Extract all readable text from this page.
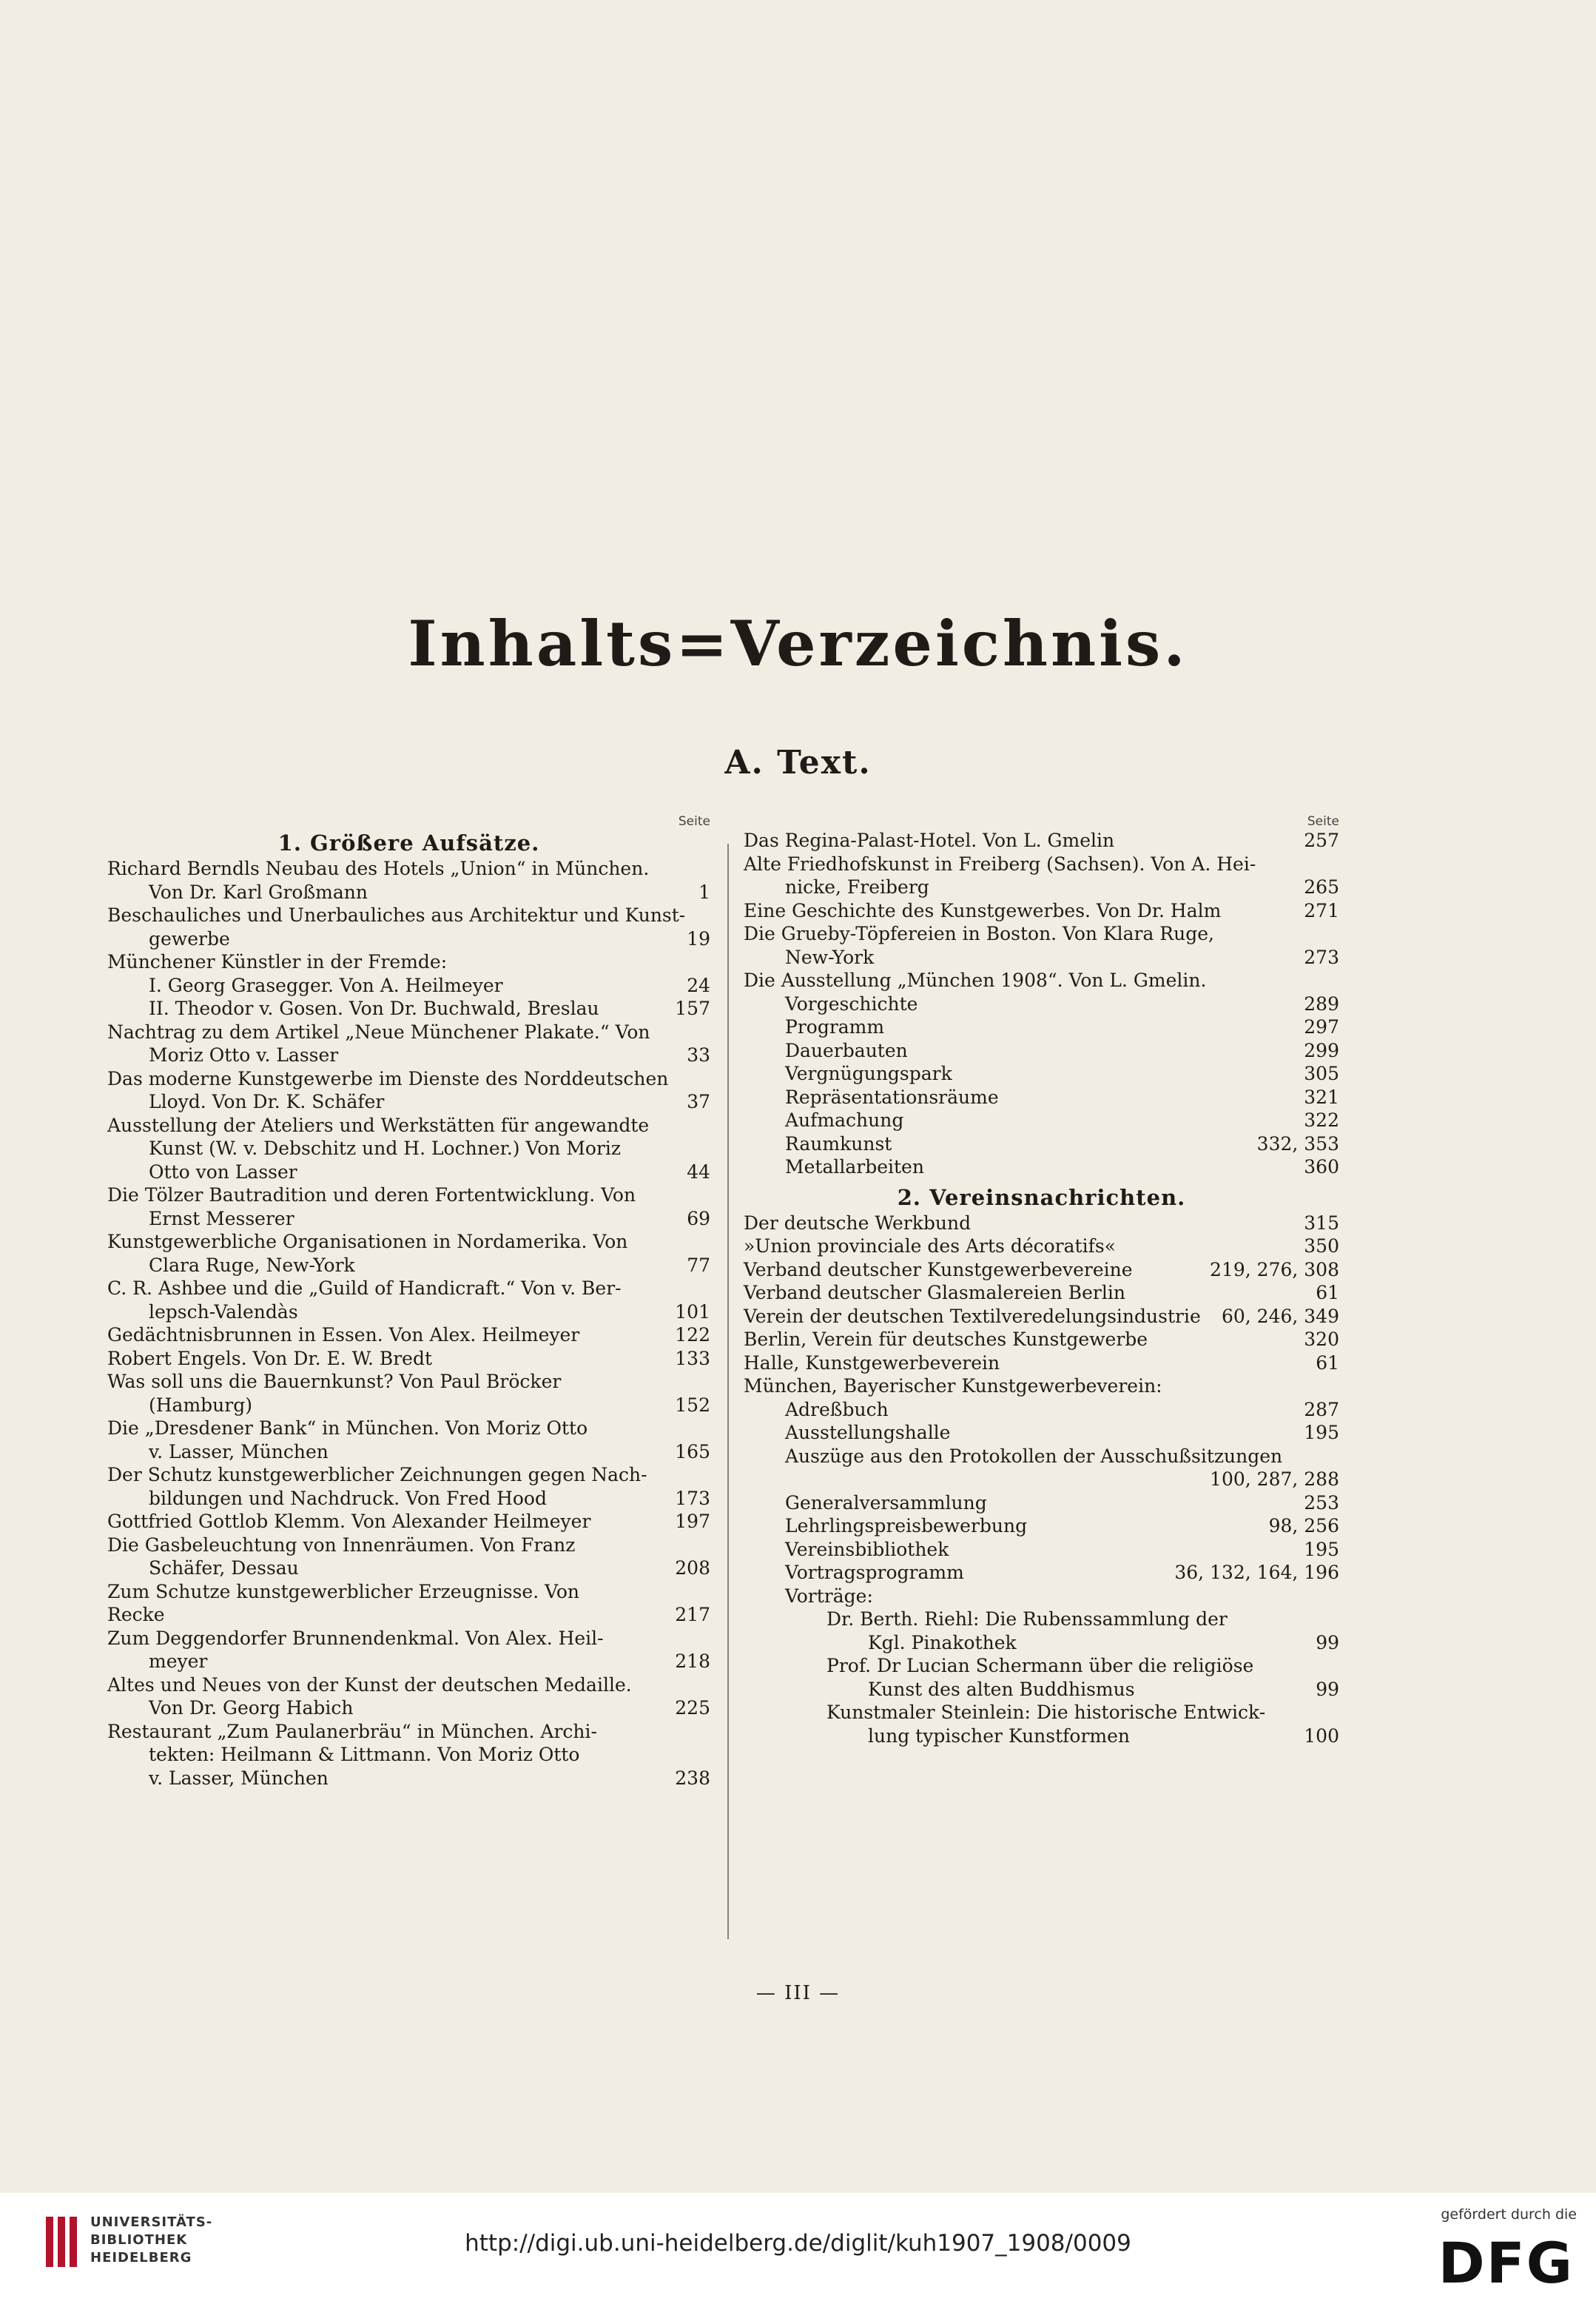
Inhalts=Verzeichnis.
A. Text.
Seite
1. Größere Aufsätze.
Richard Berndls Neubau des Hotels „Union“ in München.
Von Dr. Karl Großmann	1
Beschauliches und Unerbauliches aus Architektur und Kunst-
gewerbe	19
Münchener Künstler in der Fremde:
I. Georg Grasegger. Von A. Heilmeyer	24
II. Theodor v. Gosen. Von Dr. Buchwald, Breslau	157
Nachtrag zu dem Artikel „Neue Münchener Plakate.“ Von
Moriz Otto v. Lasser	33
Das moderne Kunstgewerbe im Dienste des Norddeutschen
Lloyd. Von Dr. K. Schäfer	37
Ausstellung der Ateliers und Werkstätten für angewandte
Kunst (W. v. Debschitz und H. Lochner.) Von Moriz
Otto von Lasser	44
Die Tölzer Bautradition und deren Fortentwicklung. Von
Ernst Messerer	69
Kunstgewerbliche Organisationen in Nordamerika. Von
Clara Ruge, New-York	77
C. R. Ashbee und die „Guild of Handicraft.“ Von v. Ber-
lepsch-Valendàs	101
Gedächtnisbrunnen in Essen. Von Alex. Heilmeyer	122
Robert Engels. Von Dr. E. W. Bredt	133
Was soll uns die Bauernkunst? Von Paul Bröcker
(Hamburg)	152
Die „Dresdener Bank“ in München. Von Moriz Otto
v. Lasser, München	165
Der Schutz kunstgewerblicher Zeichnungen gegen Nach-
bildungen und Nachdruck. Von Fred Hood	173
Gottfried Gottlob Klemm. Von Alexander Heilmeyer	197
Die Gasbeleuchtung von Innenräumen. Von Franz
Schäfer, Dessau	208
Zum Schutze kunstgewerblicher Erzeugnisse. Von Recke	217
Zum Deggendorfer Brunnendenkmal. Von Alex. Heil-
meyer	218
Altes und Neues von der Kunst der deutschen Medaille.
Von Dr. Georg Habich	225
Restaurant „Zum Paulanerbräu“ in München. Archi-
tekten: Heilmann & Littmann. Von Moriz Otto
v. Lasser, München	238
Seite
Das Regina-Palast-Hotel. Von L. Gmelin	257
Alte Friedhofskunst in Freiberg (Sachsen). Von A. Hei-
nicke, Freiberg	265
Eine Geschichte des Kunstgewerbes. Von Dr. Halm	271
Die Grueby-Töpfereien in Boston. Von Klara Ruge,
New-York	273
Die Ausstellung „München 1908“. Von L. Gmelin.
Vorgeschichte	289
Programm	297
Dauerbauten	299
Vergnügungspark	305
Repräsentationsräume	321
Aufmachung	322
Raumkunst	332, 353
Metallarbeiten	360
2. Vereinsnachrichten.
Der deutsche Werkbund	315
»Union provinciale des Arts décoratifs«	350
Verband deutscher Kunstgewerbevereine	219, 276, 308
Verband deutscher Glasmalereien Berlin	61
Verein der deutschen Textilveredelungsindustrie	60, 246, 349
Berlin, Verein für deutsches Kunstgewerbe	320
Halle, Kunstgewerbeverein	61
München, Bayerischer Kunstgewerbeverein:
Adreßbuch	287
Ausstellungshalle	195
Auszüge aus den Protokollen der Ausschußsitzungen

100, 287, 288
Generalversammlung	253
Lehrlingspreisbewerbung	98, 256
Vereinsbibliothek	195
Vortragsprogramm	36, 132, 164, 196
Vorträge:
Dr. Berth. Riehl: Die Rubenssammlung der
Kgl. Pinakothek	99
Prof. Dr Lucian Schermann über die religiöse
Kunst des alten Buddhismus	99
Kunstmaler Steinlein: Die historische Entwick-
lung typischer Kunstformen	100
— III —
UNIVERSITÄTS-
BIBLIOTHEK
HEIDELBERG
http://digi.ub.uni-heidelberg.de/diglit/kuh1907_1908/0009
gefördert durch die
DFG
